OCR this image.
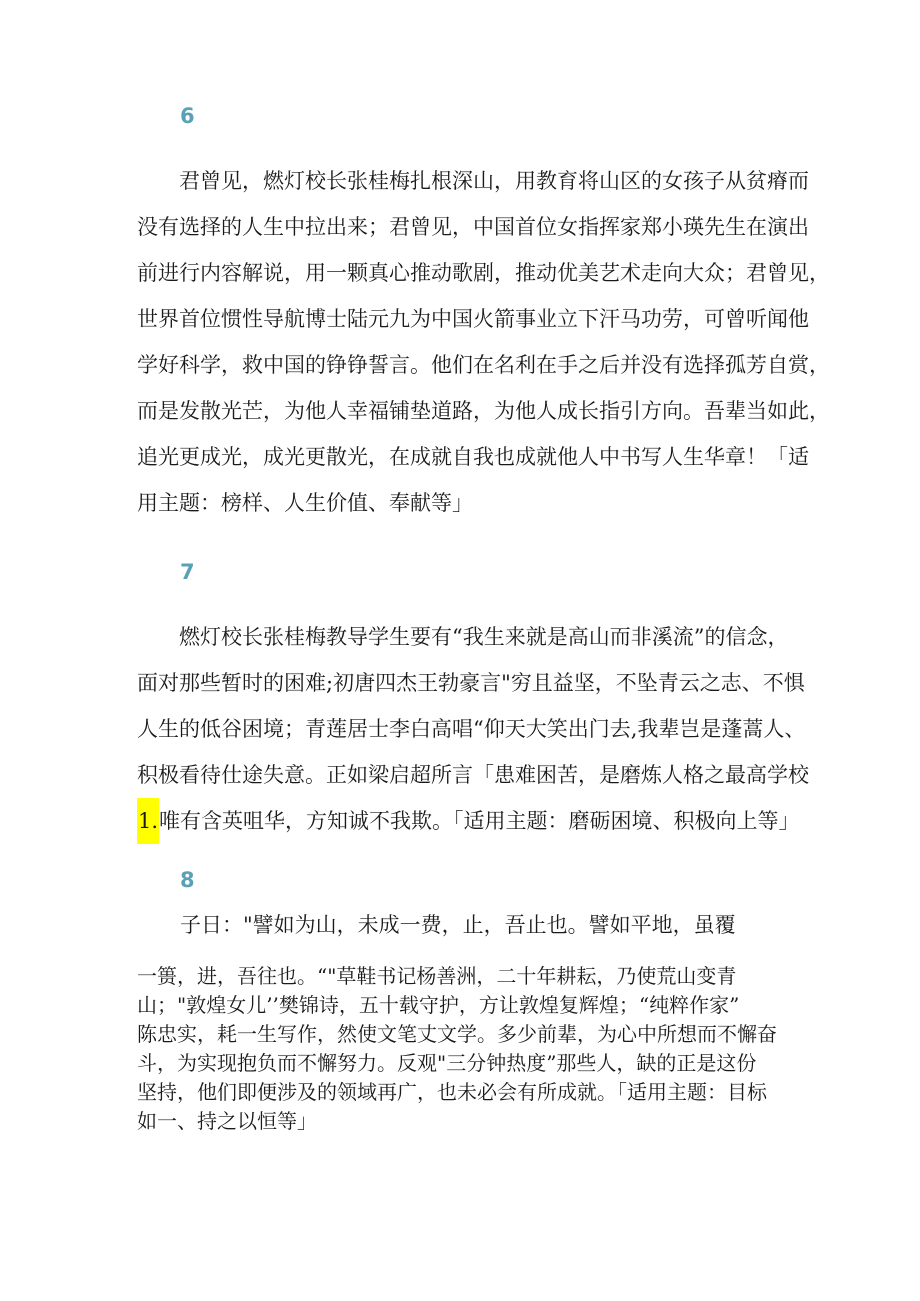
6
君曾见，燃灯校长张桂梅扎根深山，用教育将山区的女孩子从贫瘠而
没有选择的人生中拉出来；君曾见，中国首位女指挥家郑小瑛先生在演出
前进行内容解说，用一颗真心推动歌剧，推动优美艺术走向大众；君曾见，
世界首位惯性导航博士陆元九为中国火箭事业立下汗马功劳，可曾听闻他
学好科学，救中国的铮铮誓言。他们在名利在手之后并没有选择孤芳自赏，
而是发散光芒，为他人幸福铺垫道路，为他人成长指引方向。吾辈当如此，
追光更成光，成光更散光，在成就自我也成就他人中书写人生华章！「适
用主题：榜样、人生价值、奉献等」
7
燃灯校长张桂梅教导学生要有“我生来就是高山而非溪流”的信念，
面对那些暂时的困难;初唐四杰王勃豪言"穷且益坚，不坠青云之志、不惧
人生的低谷困境；青莲居士李白高唱“仰天大笑出门去,我辈岂是蓬蒿人、
积极看待仕途失意。正如梁启超所言「患难困苦，是磨炼人格之最高学校
1.唯有含英咀华，方知诚不我欺。「适用主题：磨砺困境、积极向上等」
8

子日："譬如为山，未成一费，止，吾止也。譬如平地，虽覆

一篑，进，吾往也。“"草鞋书记杨善洲，二十年耕耘，乃使荒山变青
山；"敦煌女儿’’樊锦诗，五十载守护，方让敦煌复辉煌；“纯粹作家”
陈忠实，耗一生写作，然使文笔丈文学。多少前辈，为心中所想而不懈奋
斗，为实现抱负而不懈努力。反观"三分钟热度”那些人，缺的正是这份
坚持，他们即便涉及的领域再广，也未必会有所成就。「适用主题：目标
如一、持之以恒等」
